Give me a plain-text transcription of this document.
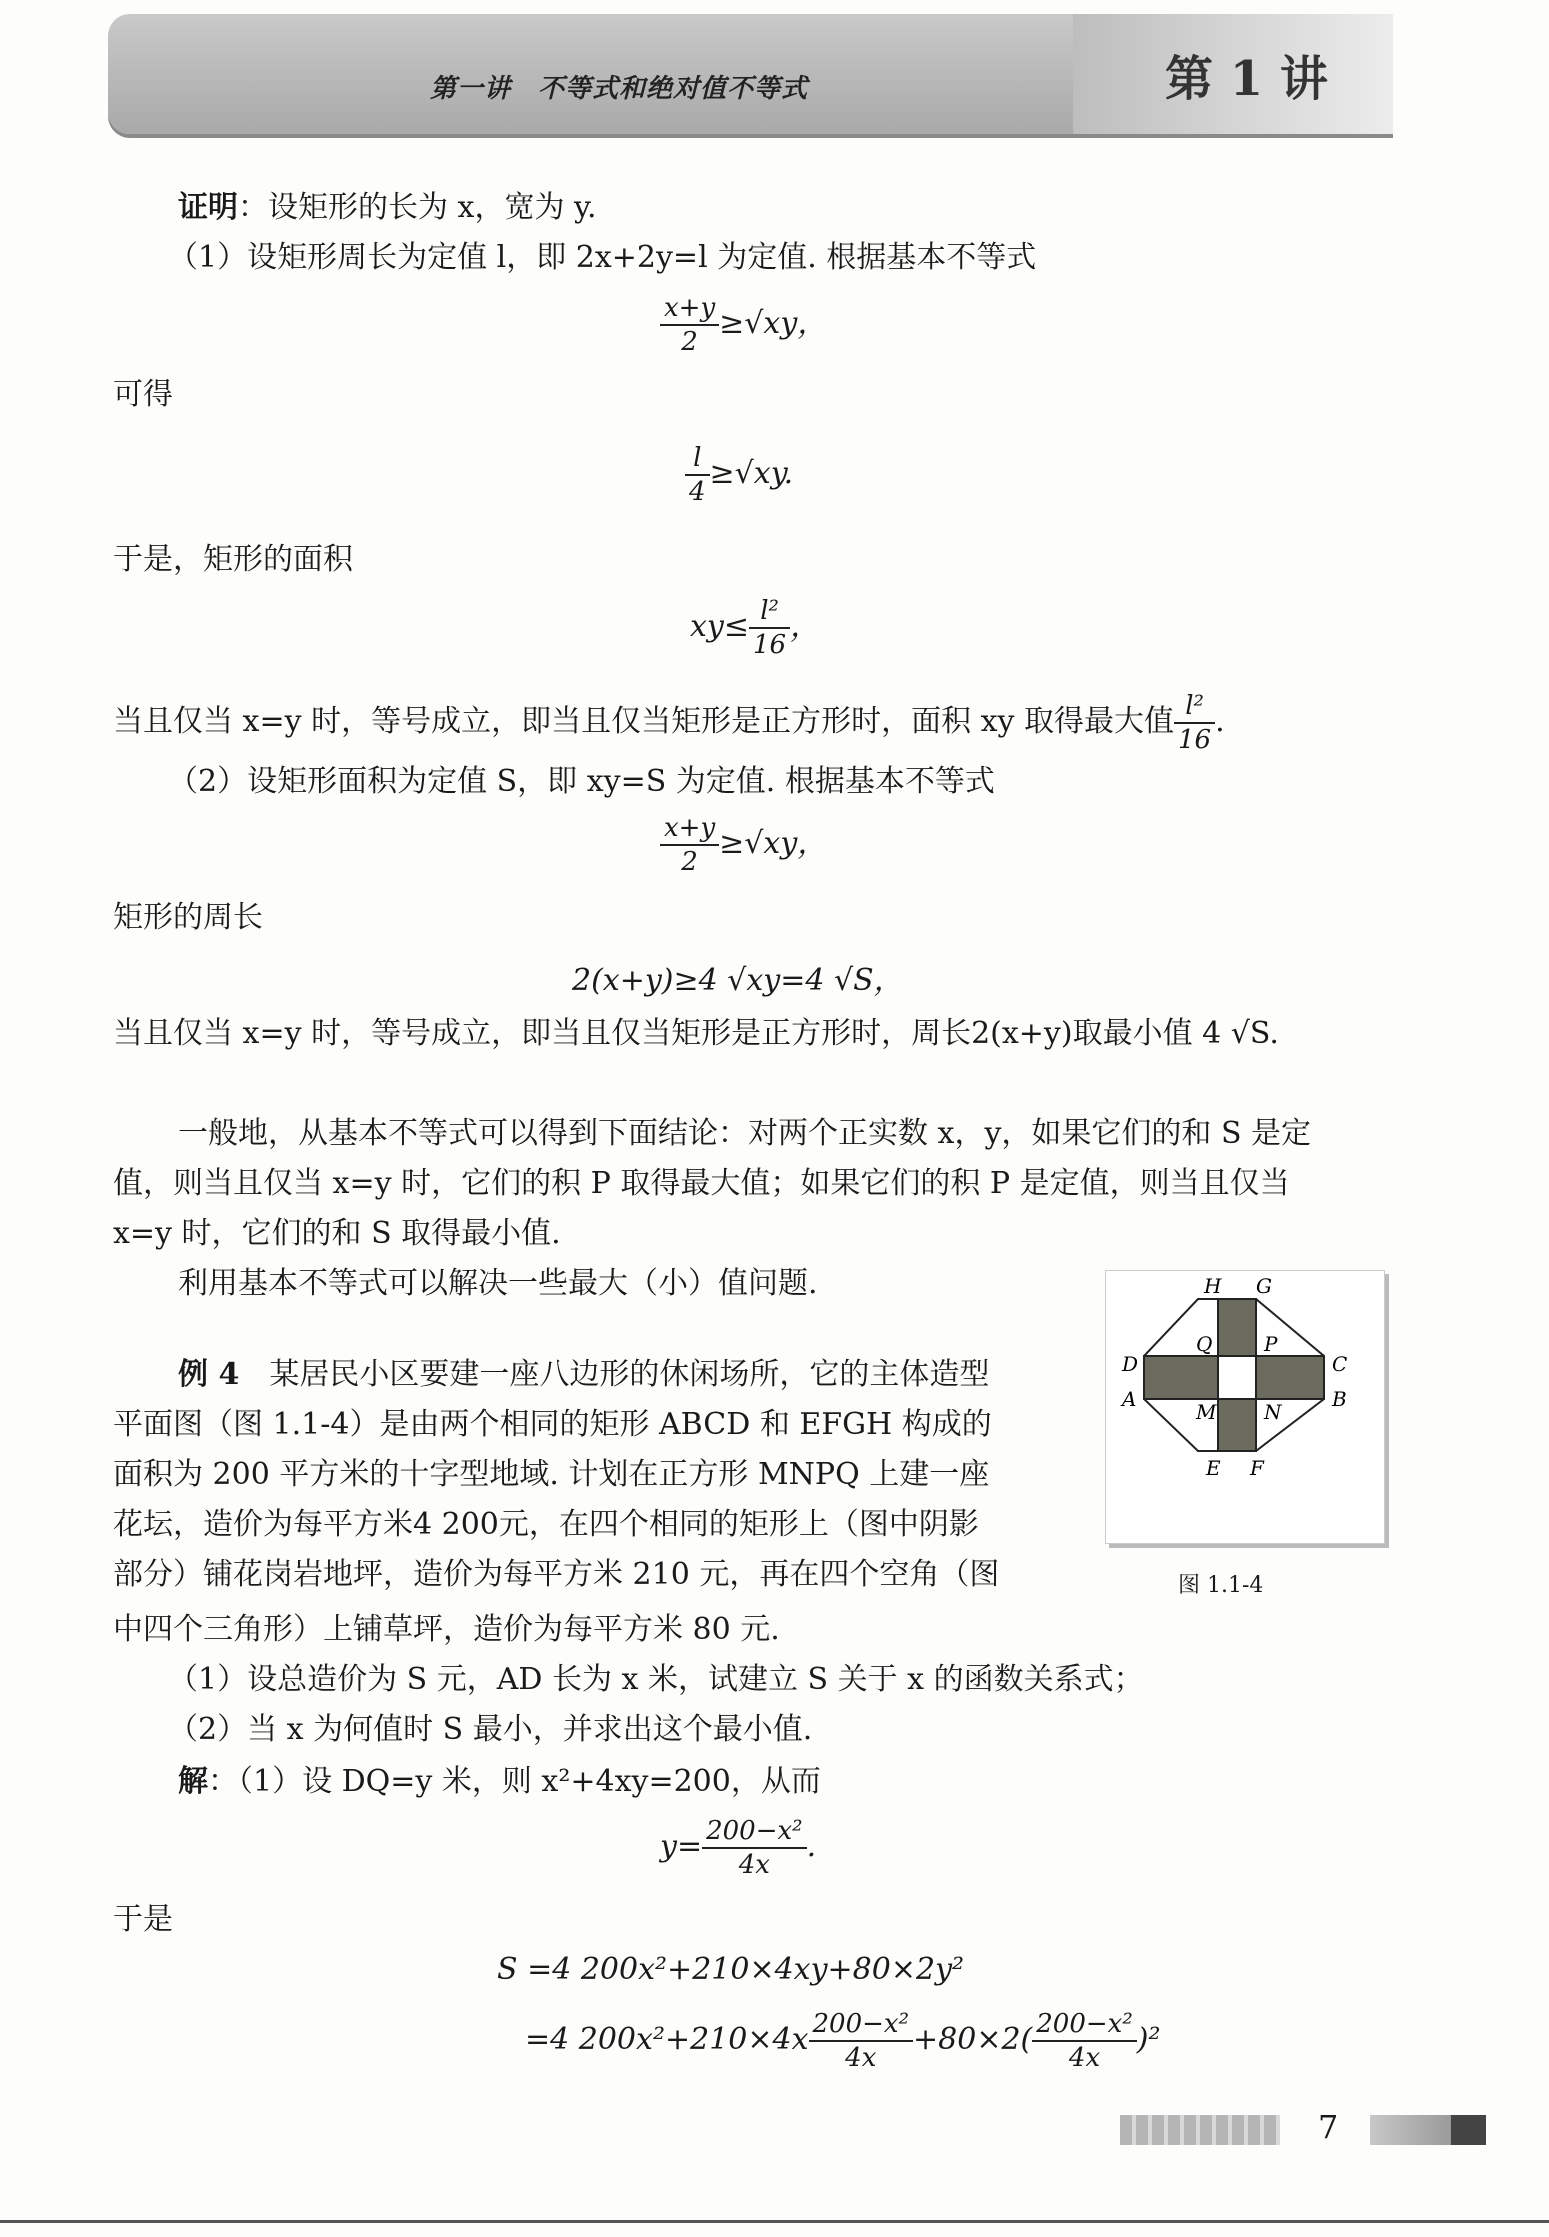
第一讲　不等式和绝对值不等式	第 1 讲
证明：设矩形的长为 x，宽为 y.
（1）设矩形周长为定值 l，即 2x+2y=l 为定值. 根据基本不等式
$\frac{x+y}{2} \ge√xy$，
可得
$\frac{l}{4} \ge√xy$.
于是，矩形的面积
$xy\le \frac{\text{l²}}{16}$ ，
当且仅当 x=y 时，等号成立，即当且仅当矩形是正方形时，面积 xy 取得最大值 $\frac{\text{l²}}{16}$ .
（2）设矩形面积为定值 S，即 xy=S 为定值. 根据基本不等式
$\frac{x+y}{2} \ge√xy$，
矩形的周长
2(x+y)≥4 √xy=4 √S，
当且仅当 x=y 时，等号成立，即当且仅当矩形是正方形时，周长2(x+y)取最小值 4 √S.
一般地，从基本不等式可以得到下面结论：对两个正实数 x，y，如果它们的和 S 是定
值，则当且仅当 x=y 时，它们的积 P 取得最大值；如果它们的积 P 是定值，则当且仅当
x=y 时，它们的和 S 取得最小值.
利用基本不等式可以解决一些最大（小）值问题.
例 4　 某居民小区要建一座八边形的休闲场所，它的主体造型
平面图（图 1.1-4）是由两个相同的矩形 ABCD 和 EFGH 构成的
面积为 200 平方米的十字型地域. 计划在正方形 MNPQ 上建一座
花坛，造价为每平方米4 200元，在四个相同的矩形上（图中阴影
部分）铺花岗岩地坪，造价为每平方米 210 元，再在四个空角（图
中四个三角形）上铺草坪，造价为每平方米 80 元.
H G
Q	P
D	C
A	B
M N
E F
图 1.1-4
（1）设总造价为 S 元，AD 长为 x 米，试建立 S 关于 x 的函数关系式；
（2）当 x 为何值时 S 最小，并求出这个最小值.
解：（1）设 DQ=y 米，则 x²+4xy=200，从而
$y= \frac{\text{200−x²}}{4x}$ .
于是
S =4 200x²+210×4xy+80×2y²
=4 $200x^2+210\times 4x \frac{\text{200−x²}}{4x} +80\times 2( \frac{\text{200−x²}}{4x} )^2$
7
